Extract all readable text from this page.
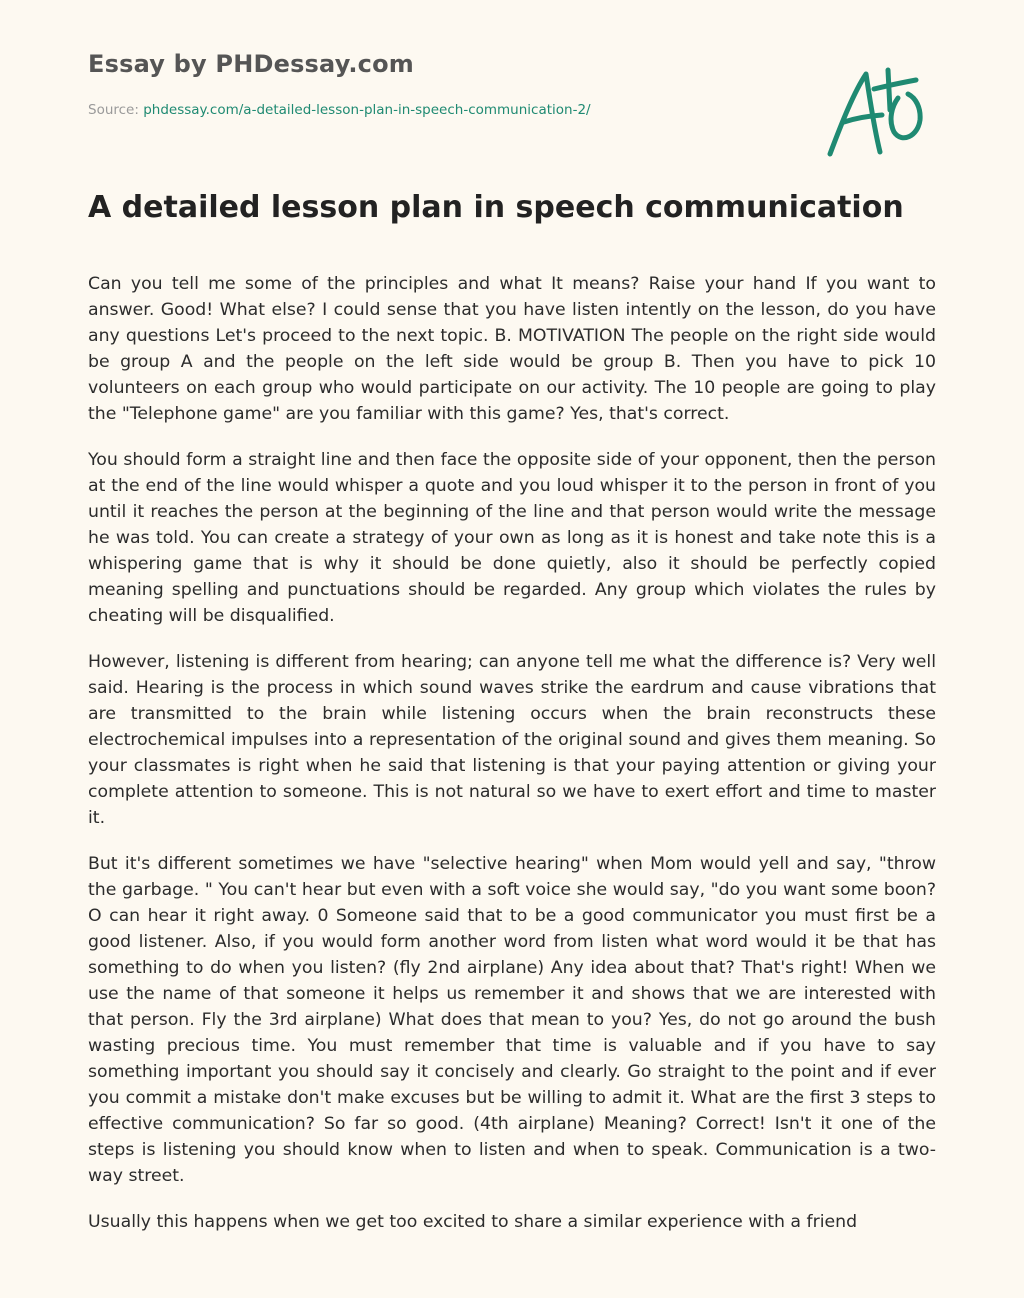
Essay by PHDessay.com
Source: phdessay.com/a-detailed-lesson-plan-in-speech-communication-2/
A detailed lesson plan in speech communication

Can you tell me some of the principles and what It means? Raise your hand If you want to answer. Good! What else? I could sense that you have listen intently on the lesson, do you have any questions Let's proceed to the next topic. B. MOTIVATION The people on the right side would be group A and the people on the left side would be group B. Then you have to pick 10 volunteers on each group who would participate on our activity. The 10 people are going to play the "Telephone game" are you familiar with this game? Yes, that's correct.

You should form a straight line and then face the opposite side of your opponent, then the person at the end of the line would whisper a quote and you loud whisper it to the person in front of you until it reaches the person at the beginning of the line and that person would write the message he was told. You can create a strategy of your own as long as it is honest and take note this is a whispering game that is why it should be done quietly, also it should be perfectly copied meaning spelling and punctuations should be regarded. Any group which violates the rules by cheating will be disqualified.

However, listening is different from hearing; can anyone tell me what the difference is? Very well said. Hearing is the process in which sound waves strike the eardrum and cause vibrations that are transmitted to the brain while listening occurs when the brain reconstructs these electrochemical impulses into a representation of the original sound and gives them meaning. So your classmates is right when he said that listening is that your paying attention or giving your complete attention to someone. This is not natural so we have to exert effort and time to master it.

But it's different sometimes we have "selective hearing" when Mom would yell and say, "throw the garbage. " You can't hear but even with a soft voice she would say, "do you want some boon? O can hear it right away. 0 Someone said that to be a good communicator you must first be a good listener. Also, if you would form another word from listen what word would it be that has something to do when you listen? (fly 2nd airplane) Any idea about that? That's right! When we use the name of that someone it helps us remember it and shows that we are interested with that person. Fly the 3rd airplane) What does that mean to you? Yes, do not go around the bush wasting precious time. You must remember that time is valuable and if you have to say something important you should say it concisely and clearly. Go straight to the point and if ever you commit a mistake don't make excuses but be willing to admit it. What are the first 3 steps to effective communication? So far so good. (4th airplane) Meaning? Correct! Isn't it one of the steps is listening you should know when to listen and when to speak. Communication is a two-way street.

Usually this happens when we get too excited to share a similar experience with a friend
